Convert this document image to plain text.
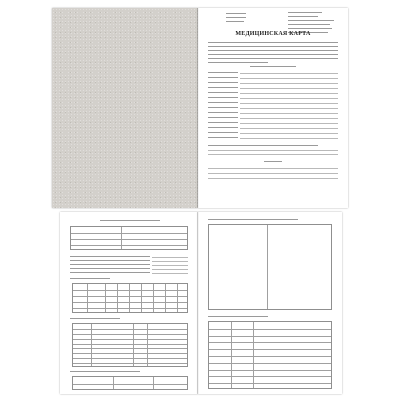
МЕДИЦИНСКАЯ КАРТА
